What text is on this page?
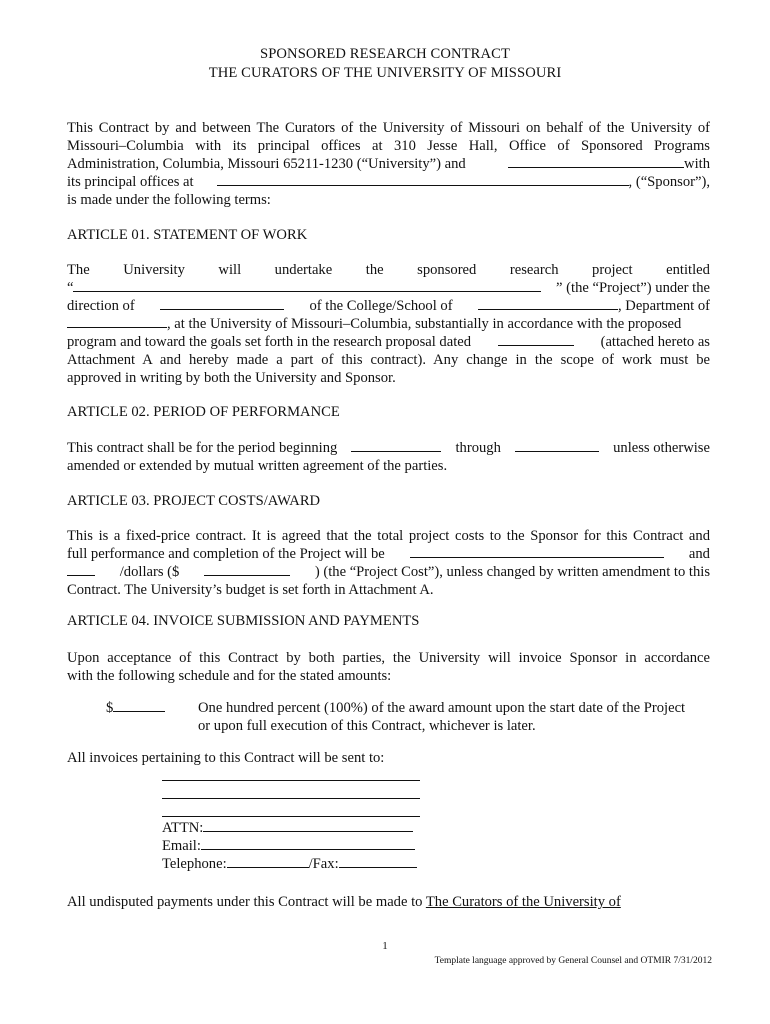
SPONSORED RESEARCH CONTRACT
THE CURATORS OF THE UNIVERSITY OF MISSOURI
This Contract by and between The Curators of the University of Missouri on behalf of the University of
Missouri–Columbia with its principal offices at 310 Jesse Hall, Office of Sponsored Programs
Administration, Columbia, Missouri 65211-1230 (“University”) and	with
its principal offices at	, (“Sponsor”),
is made under the following terms:
ARTICLE 01. STATEMENT OF WORK
The University will undertake the sponsored research project entitled
“	” (the “Project”) under the
direction of	of the College/School of	, Department of
, at the University of Missouri–Columbia, substantially in accordance with the proposed
program and toward the goals set forth in the research proposal dated	(attached hereto as
Attachment A and hereby made a part of this contract). Any change in the scope of work must be
approved in writing by both the University and Sponsor.
ARTICLE 02. PERIOD OF PERFORMANCE
This contract shall be for the period beginning	through	unless otherwise
amended or extended by mutual written agreement of the parties.
ARTICLE 03. PROJECT COSTS/AWARD
This is a fixed-price contract. It is agreed that the total project costs to the Sponsor for this Contract and
full performance and completion of the Project will be	and
/dollars ($	) (the “Project Cost”), unless changed by written amendment to this
Contract. The University’s budget is set forth in Attachment A.
ARTICLE 04. INVOICE SUBMISSION AND PAYMENTS
Upon acceptance of this Contract by both parties, the University will invoice Sponsor in accordance
with the following schedule and for the stated amounts:
$	One hundred percent (100%) of the award amount upon the start date of the Project
or upon full execution of this Contract, whichever is later.
All invoices pertaining to this Contract will be sent to:
ATTN:
Email:
Telephone:	/Fax:
All undisputed payments under this Contract will be made to The Curators of the University of
1
Template language approved by General Counsel and OTMIR 7/31/2012
